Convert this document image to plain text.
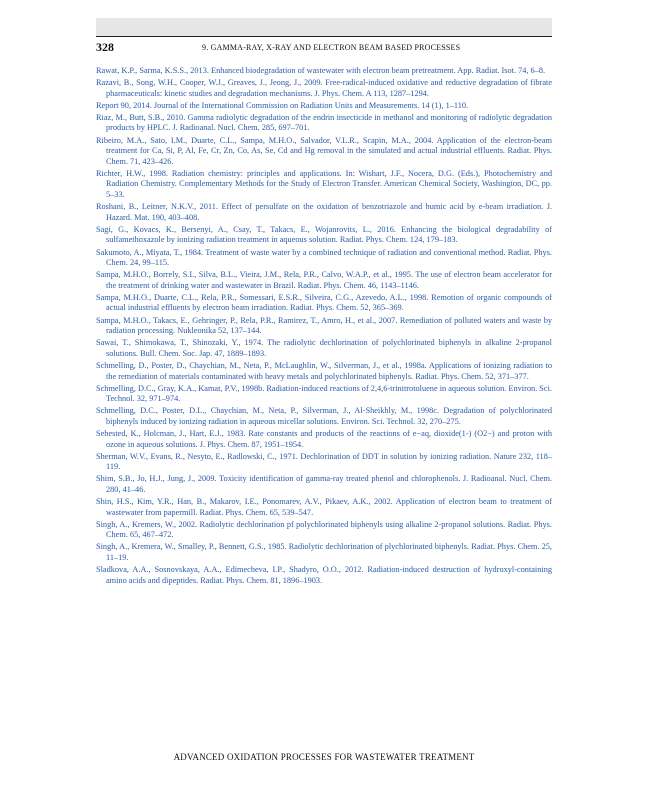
328	9. GAMMA-RAY, X-RAY AND ELECTRON BEAM BASED PROCESSES
Rawat, K.P., Sarma, K.S.S., 2013. Enhanced biodegradation of wastewater with electron beam pretreatment. App. Radiat. Isot. 74, 6–8.
Razavi, B., Song, W.H., Cooper, W.J., Greaves, J., Jeong, J., 2009. Free-radical-induced oxidative and reductive degradation of fibrate pharmaceuticals: kinetic studies and degradation mechanisms. J. Phys. Chem. A 113, 1287–1294.
Report 90, 2014. Journal of the International Commission on Radiation Units and Measurements. 14 (1), 1–110.
Riaz, M., Butt, S.B., 2010. Gamma radiolytic degradation of the endrin insecticide in methanol and monitoring of radiolytic degradation products by HPLC. J. Radioanal. Nucl. Chem. 285, 697–701.
Ribeiro, M.A., Sato, I.M., Duarte, C.L., Sampa, M.H.O., Salvador, V.L.R., Scapin, M.A., 2004. Application of the electron-beam treatment for Ca, Si, P, Al, Fe, Cr, Zn, Co, As, Se, Cd and Hg removal in the simulated and actual industrial effluents. Radiat. Phys. Chem. 71, 423–426.
Richter, H.W., 1998. Radiation chemistry: principles and applications. In: Wishart, J.F., Nocera, D.G. (Eds.), Photochemistry and Radiation Chemistry. Complementary Methods for the Study of Electron Transfer. American Chemical Society, Washington, DC, pp. 5–33.
Roshani, B., Leitner, N.K.V., 2011. Effect of persulfate on the oxidation of benzotriazole and humic acid by e-beam irradiation. J. Hazard. Mat. 190, 403–408.
Sagi, G., Kovacs, K., Bersenyi, A., Csay, T., Takacs, E., Wojanrovits, L., 2016. Enhancing the biological degradability of sulfamethoxazole by ionizing radiation treatment in aqueous solution. Radiat. Phys. Chem. 124, 179–183.
Sakumoto, A., Miyata, T., 1984. Treatment of waste water by a combined technique of radiation and conventional method. Radiat. Phys. Chem. 24, 99–115.
Sampa, M.H.O., Borrely, S.I., Silva, B.L., Vieira, J.M., Rela, P.R., Calvo, W.A.P., et al., 1995. The use of electron beam accelerator for the treatment of drinking water and wastewater in Brazil. Radiat. Phys. Chem. 46, 1143–1146.
Sampa, M.H.O., Duarte, C.L., Rela, P.R., Somessari, E.S.R., Silveira, C.G., Azevedo, A.L., 1998. Remotion of organic compounds of actual industrial effluents by electron beam irradiation. Radiat. Phys. Chem. 52, 365–369.
Sampa, M.H.O., Takacs, E., Gehringer, P., Rela, P.R., Ramirez, T., Amro, H., et al., 2007. Remediation of polluted waters and waste by radiation processing. Nukleonika 52, 137–144.
Sawai, T., Shimokawa, T., Shinozaki, Y., 1974. The radiolytic dechlorination of polychlorinated biphenyls in alkaline 2-propanol solutions. Bull. Chem. Soc. Jap. 47, 1889–1893.
Schmelling, D., Poster, D., Chaychian, M., Neta, P., McLaughlin, W., Silverman, J., et al., 1998a. Applications of ionizing radiation to the remediation of materials contaminated with heavy metals and polychlorinated biphenyls. Radiat. Phys. Chem. 52, 371–377.
Schmelling, D.C., Gray, K.A., Kamat, P.V., 1998b. Radiation-induced reactions of 2,4,6-trinitrotoluene in aqueous solution. Environ. Sci. Technol. 32, 971–974.
Schmelling, D.C., Poster, D.L., Chaychian, M., Neta, P., Silverman, J., Al-Sheikhly, M., 1998c. Degradation of polychlorinated biphenyls induced by ionizing radiation in aqueous micellar solutions. Environ. Sci. Technol. 32, 270–275.
Sehested, K., Holcman, J., Hart, E.J., 1983. Rate constants and products of the reactions of e−aq, dioxide(1-) (O2−) and proton with ozone in aqueous solutions. J. Phys. Chem. 87, 1951–1954.
Sherman, W.V., Evans, R., Nesyto, E., Radlowski, C., 1971. Dechlorination of DDT in solution by ionizing radiation. Nature 232, 118–119.
Shim, S.B., Jo, H.J., Jung, J., 2009. Toxicity identification of gamma-ray treated phenol and chlorophenols. J. Radioanal. Nucl. Chem. 280, 41–46.
Shin, H.S., Kim, Y.R., Han, B., Makarov, I.E., Ponomarev, A.V., Pikaev, A.K., 2002. Application of electron beam to treatment of wastewater from papermill. Radiat. Phys. Chem. 65, 539–547.
Singh, A., Kremers, W., 2002. Radiolytic dechlorination pf polychlorinated biphenyls using alkaline 2-propanol solutions. Radiat. Phys. Chem. 65, 467–472.
Singh, A., Kremera, W., Smalley, P., Bennett, G.S., 1985. Radiolytic dechlorination of plychlorinated biphenyls. Radiat. Phys. Chem. 25, 11–19.
Sladkova, A.A., Sosnovskaya, A.A., Edimecheva, I.P., Shadyro, O.O., 2012. Radiation-induced destruction of hydroxyl-containing amino acids and dipeptides. Radiat. Phys. Chem. 81, 1896–1903.
ADVANCED OXIDATION PROCESSES FOR WASTEWATER TREATMENT
